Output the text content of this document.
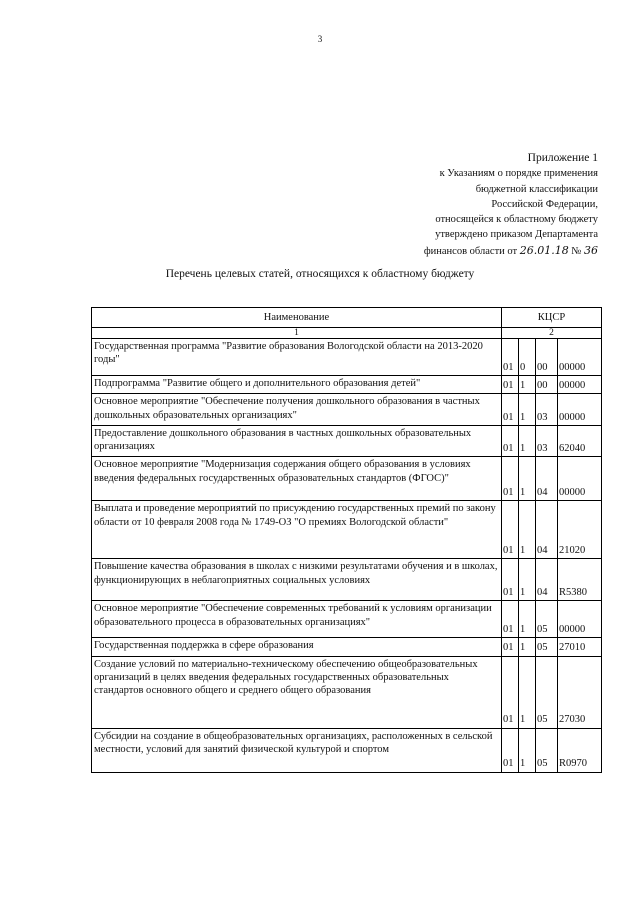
3
Приложение 1
к Указаниям о порядке применения
бюджетной классификации
Российской Федерации,
относящейся к областному бюджету
утверждено приказом Департамента
финансов области от 26.01.18 № 36
Перечень целевых статей, относящихся к областному бюджету
Наименование	КЦСР			
1	2			

Государственная программа "Развитие образования Вологодской области на 2013-2020 годы"	01	0	00	00000

Подпрограмма "Развитие общего и дополнительного образования детей"	01	1	00	00000

Основное мероприятие "Обеспечение получения дошкольного образования в частных дошкольных образовательных организациях"	01	1	03	00000

Предоставление дошкольного образования в частных дошкольных образовательных организациях	01	1	03	62040

Основное мероприятие "Модернизация содержания общего образования в условиях введения федеральных государственных образовательных стандартов (ФГОС)"	01	1	04	00000

Выплата и проведение мероприятий по присуждению государственных премий по закону области от 10 февраля 2008 года № 1749-ОЗ "О премиях Вологодской области"	01	1	04	21020

Повышение качества образования в школах с низкими результатами обучения и в школах, функционирующих в неблагоприятных социальных условиях	01	1	04	R5380

Основное мероприятие "Обеспечение современных требований к условиям организации образовательного процесса в образовательных организациях"	01	1	05	00000

Государственная поддержка в сфере образования	01	1	05	27010

Создание условий по материально-техническому обеспечению общеобразовательных организаций в целях введения федеральных государственных образовательных стандартов основного общего и среднего общего образования	01	1	05	27030

Субсидии на создание в общеобразовательных организациях, расположенных в сельской местности, условий для занятий физической культурой и спортом	01	1	05	R0970
